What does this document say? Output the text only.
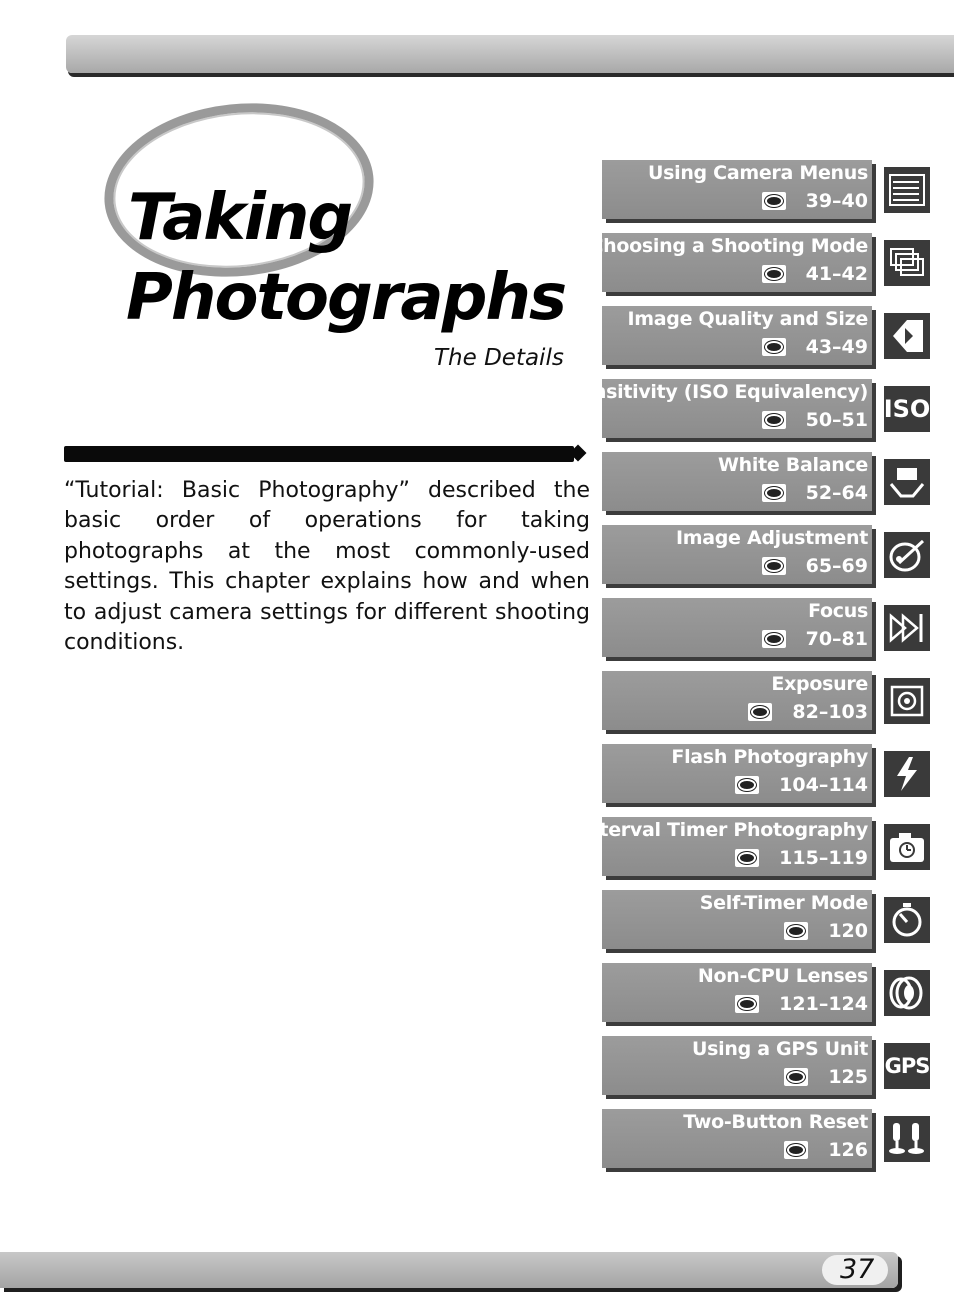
Taking
Photographs
The Details

“Tutorial: Basic Photography” described the basic order of operations for taking photographs at the most commonly-used settings. This chapter explains how and when to adjust camera settings for different shooting conditions.

Using Camera Menus
39–40
Choosing a Shooting Mode
41–42
Image Quality and Size
43–49
Sensitivity (ISO Equivalency)
50–51 ISO
White Balance
52–64
Image Adjustment
65–69
Focus
70–81
Exposure
82–103
Flash Photography
104–114
Interval Timer Photography
115–119
Self-Timer Mode
120
Non-CPU Lenses
121–124
Using a GPS Unit
125 GPS
Two-Button Reset
126
37
